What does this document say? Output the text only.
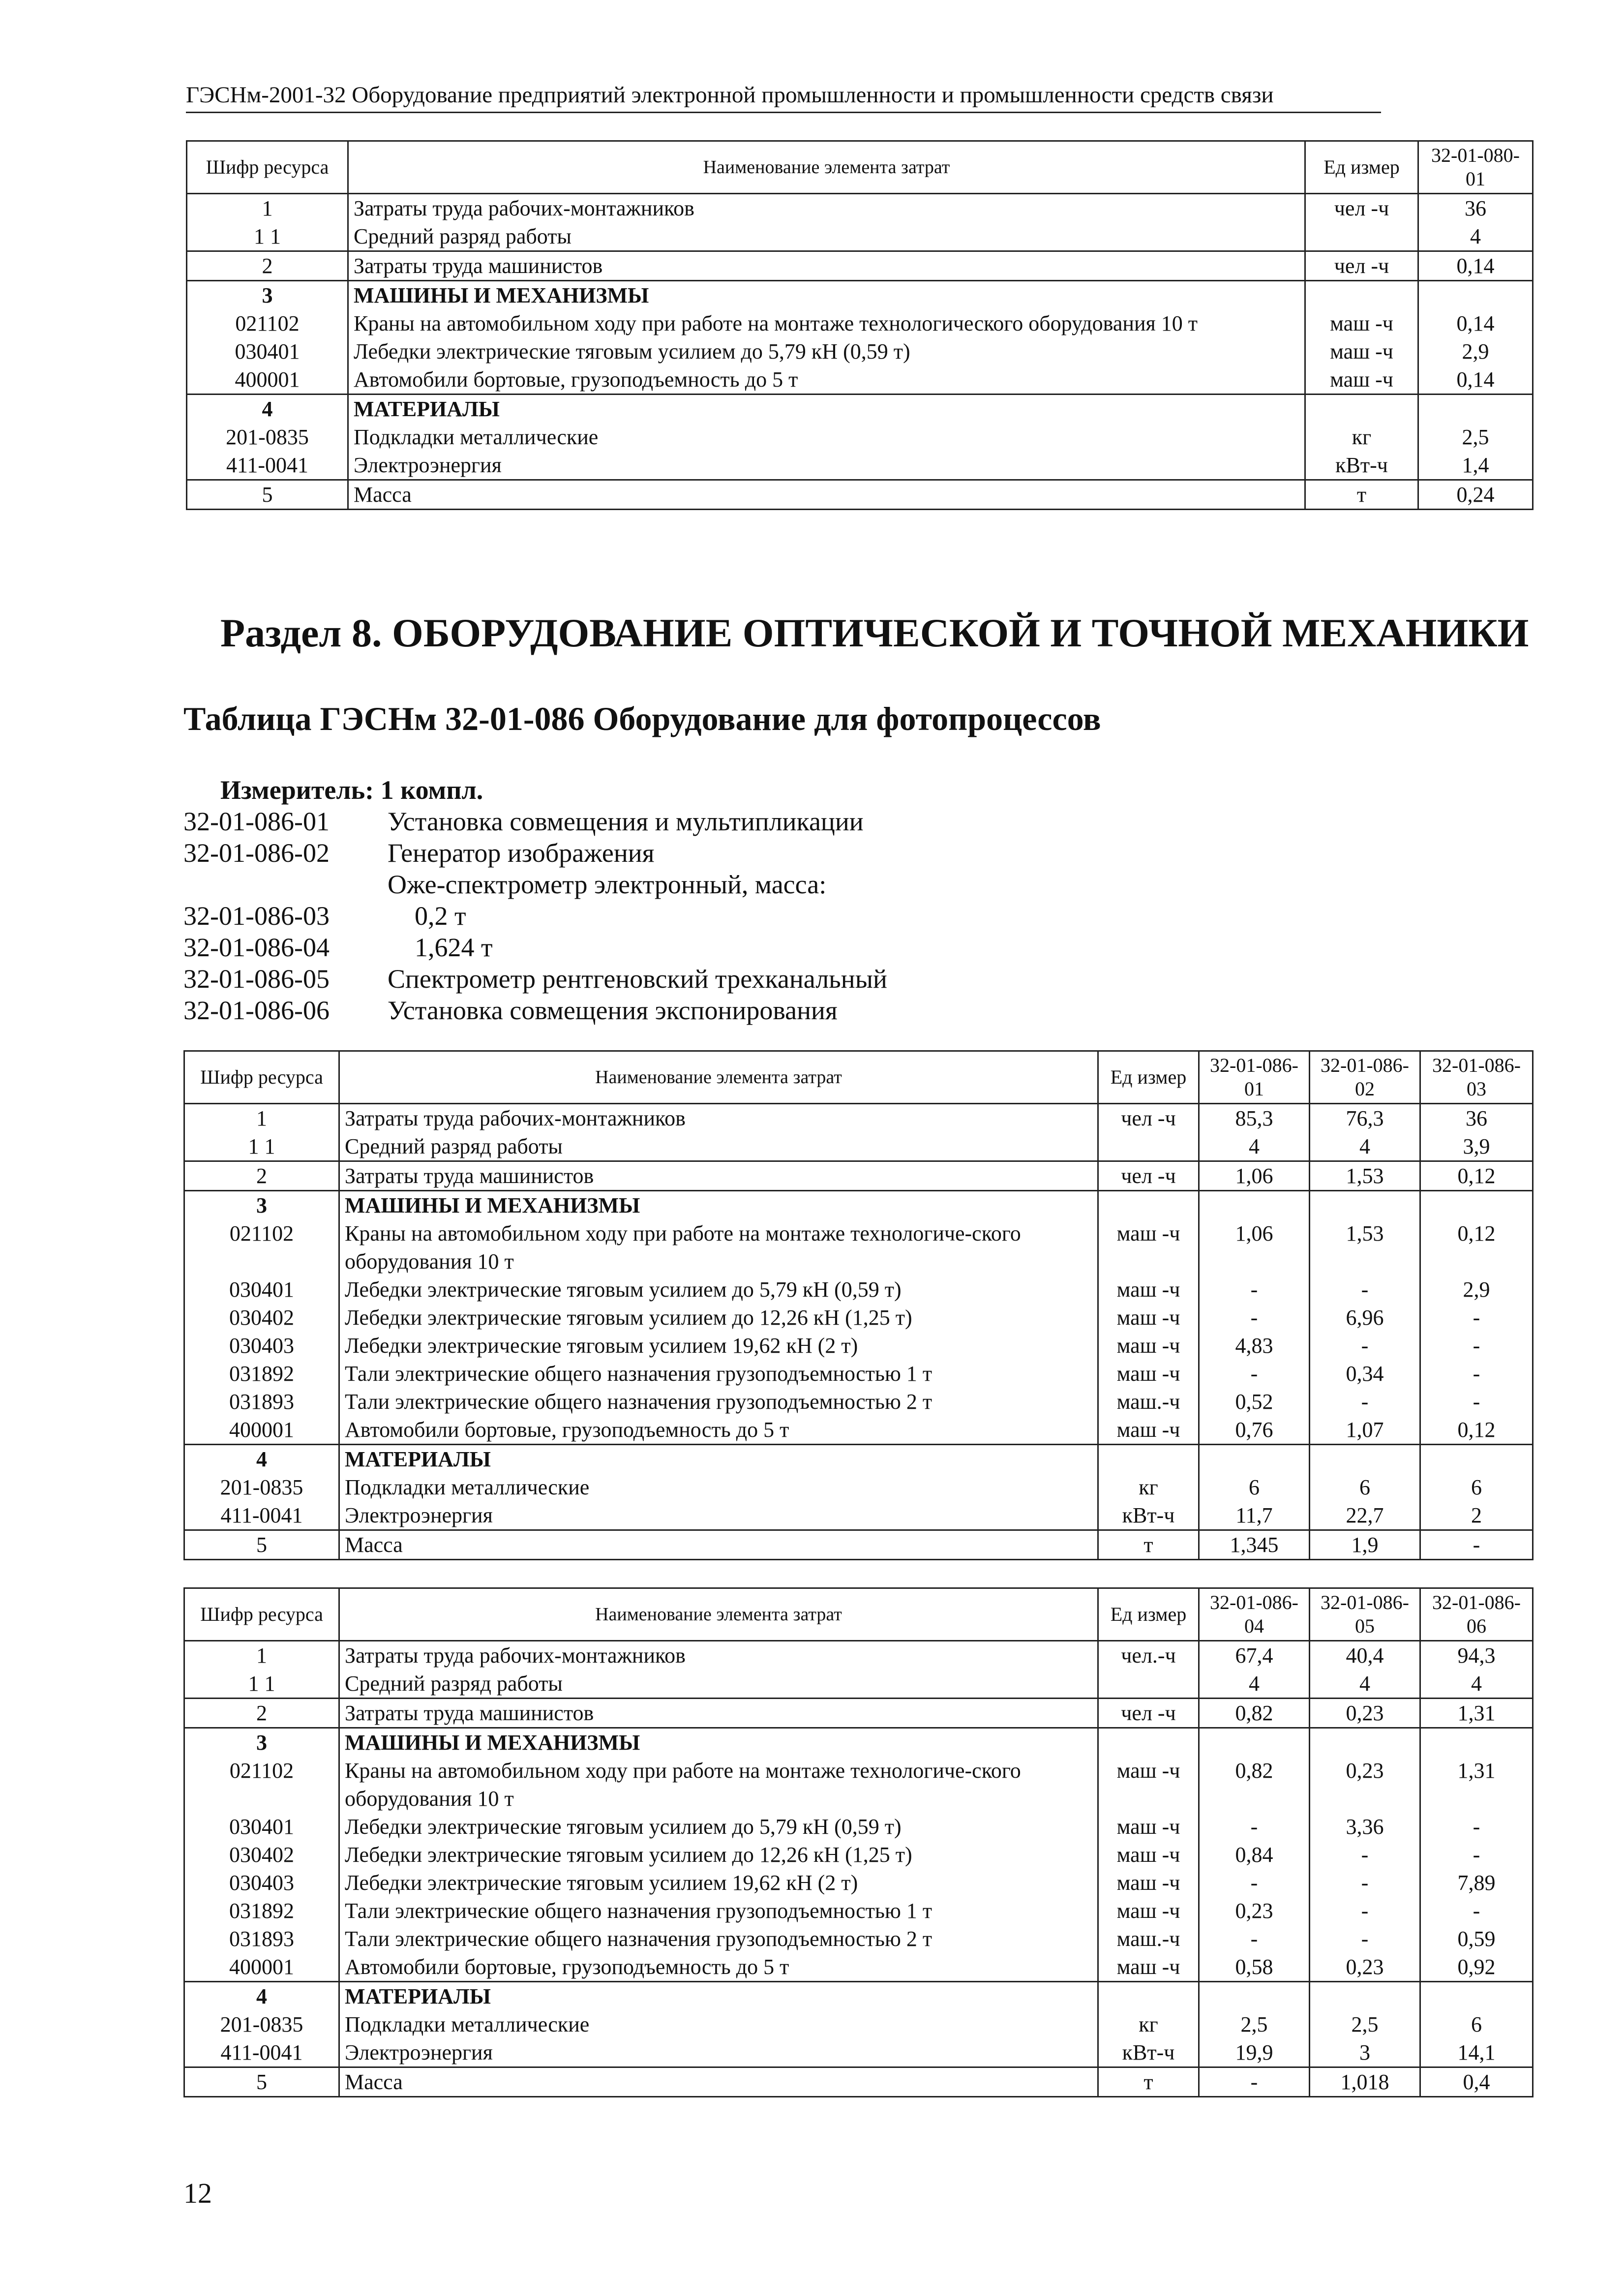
ГЭСНм-2001-32 Оборудование предприятий электронной промышленности и промышленности средств связи
Шифр ресурса	Наименование элемента затрат	Ед измер	32-01-080-01
1	Затраты труда рабочих-монтажников	чел -ч	36
1 1	Средний разряд работы		4
2	Затраты труда машинистов	чел -ч	0,14
3	МАШИНЫ И МЕХАНИЗМЫ		
021102	Краны на автомобильном ходу при работе на монтаже технологического оборудования 10 т	маш -ч	0,14
030401	Лебедки электрические тяговым усилием до 5,79 кН (0,59 т)	маш -ч	2,9
400001	Автомобили бортовые, грузоподъемность до 5 т	маш -ч	0,14
4	МАТЕРИАЛЫ		
201-0835	Подкладки металлические	кг	2,5
411-0041	Электроэнергия	кВт-ч	1,4
5	Масса	т	0,24
Раздел 8. ОБОРУДОВАНИЕ ОПТИЧЕСКОЙ И ТОЧНОЙ МЕХАНИКИ
Таблица ГЭСНм 32-01-086 Оборудование для фотопроцессов
Измеритель: 1 компл.
32-01-086-01 Установка совмещения и мультипликации
32-01-086-02 Генератор изображения
Оже-спектрометр электронный, масса:
32-01-086-03	0,2 т
32-01-086-04	1,624 т
32-01-086-05 Спектрометр рентгеновский трехканальный
32-01-086-06 Установка совмещения экспонирования
Шифр ресурса	Наименование элемента затрат	Ед измер	32-01-086-01	32-01-086-02	32-01-086-03
1	Затраты труда рабочих-монтажников	чел -ч	85,3	76,3	36
1 1	Средний разряд работы		4	4	3,9
2	Затраты труда машинистов	чел -ч	1,06	1,53	0,12
3	МАШИНЫ И МЕХАНИЗМЫ				
021102	Краны на автомобильном ходу при работе на монтаже технологиче-ского оборудования 10 т	маш -ч	1,06	1,53	0,12
030401	Лебедки электрические тяговым усилием до 5,79 кН (0,59 т)	маш -ч	-	-	2,9
030402	Лебедки электрические тяговым усилием до 12,26 кН (1,25 т)	маш -ч	-	6,96	-
030403	Лебедки электрические тяговым усилием 19,62 кН (2 т)	маш -ч	4,83	-	-
031892	Тали электрические общего назначения грузоподъемностью 1 т	маш -ч	-	0,34	-
031893	Тали электрические общего назначения грузоподъемностью 2 т	маш.-ч	0,52	-	-
400001	Автомобили бортовые, грузоподъемность до 5 т	маш -ч	0,76	1,07	0,12
4	МАТЕРИАЛЫ				
201-0835	Подкладки металлические	кг	6	6	6
411-0041	Электроэнергия	кВт-ч	11,7	22,7	2
5	Масса	т	1,345	1,9	-
Шифр ресурса	Наименование элемента затрат	Ед измер	32-01-086-04	32-01-086-05	32-01-086-06
1	Затраты труда рабочих-монтажников	чел.-ч	67,4	40,4	94,3
1 1	Средний разряд работы		4	4	4
2	Затраты труда машинистов	чел -ч	0,82	0,23	1,31
3	МАШИНЫ И МЕХАНИЗМЫ				
021102	Краны на автомобильном ходу при работе на монтаже технологиче-ского оборудования 10 т	маш -ч	0,82	0,23	1,31
030401	Лебедки электрические тяговым усилием до 5,79 кН (0,59 т)	маш -ч	-	3,36	-
030402	Лебедки электрические тяговым усилием до 12,26 кН (1,25 т)	маш -ч	0,84	-	-
030403	Лебедки электрические тяговым усилием 19,62 кН (2 т)	маш -ч	-	-	7,89
031892	Тали электрические общего назначения грузоподъемностью 1 т	маш -ч	0,23	-	-
031893	Тали электрические общего назначения грузоподъемностью 2 т	маш.-ч	-	-	0,59
400001	Автомобили бортовые, грузоподъемность до 5 т	маш -ч	0,58	0,23	0,92
4	МАТЕРИАЛЫ				
201-0835	Подкладки металлические	кг	2,5	2,5	6
411-0041	Электроэнергия	кВт-ч	19,9	3	14,1
5	Масса	т	-	1,018	0,4
12
